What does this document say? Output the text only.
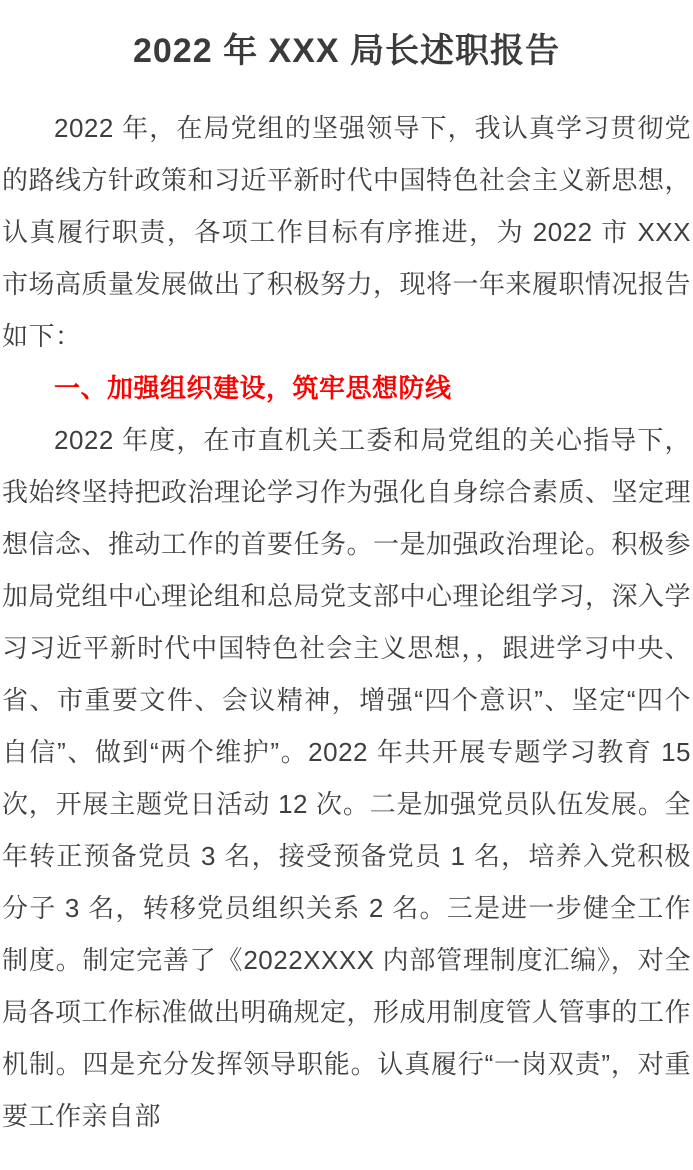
2022 年 XXX 局长述职报告

2022 年，在局党组的坚强领导下，我认真学习贯彻党的路线方针政策和习近平新时代中国特色社会主义新思想，认真履行职责，各项工作目标有序推进，为 2022 市 XXX 市场高质量发展做出了积极努力，现将一年来履职情况报告如下：

一、加强组织建设，筑牢思想防线

2022 年度，在市直机关工委和局党组的关心指导下，我始终坚持把政治理论学习作为强化自身综合素质、坚定理想信念、推动工作的首要任务。一是加强政治理论。积极参加局党组中心理论组和总局党支部中心理论组学习，深入学习习近平新时代中国特色社会主义思想，，跟进学习中央、省、市重要文件、会议精神，增强“四个意识”、坚定“四个自信”、做到“两个维护”。2022 年共开展专题学习教育 15 次，开展主题党日活动 12 次。二是加强党员队伍发展。全年转正预备党员 3 名，接受预备党员 1 名，培养入党积极分子 3 名，转移党员组织关系 2 名。三是进一步健全工作制度。制定完善了《2022XXXX 内部管理制度汇编》，对全局各项工作标准做出明确规定，形成用制度管人管事的工作机制。四是充分发挥领导职能。认真履行“一岗双责”，对重要工作亲自部
